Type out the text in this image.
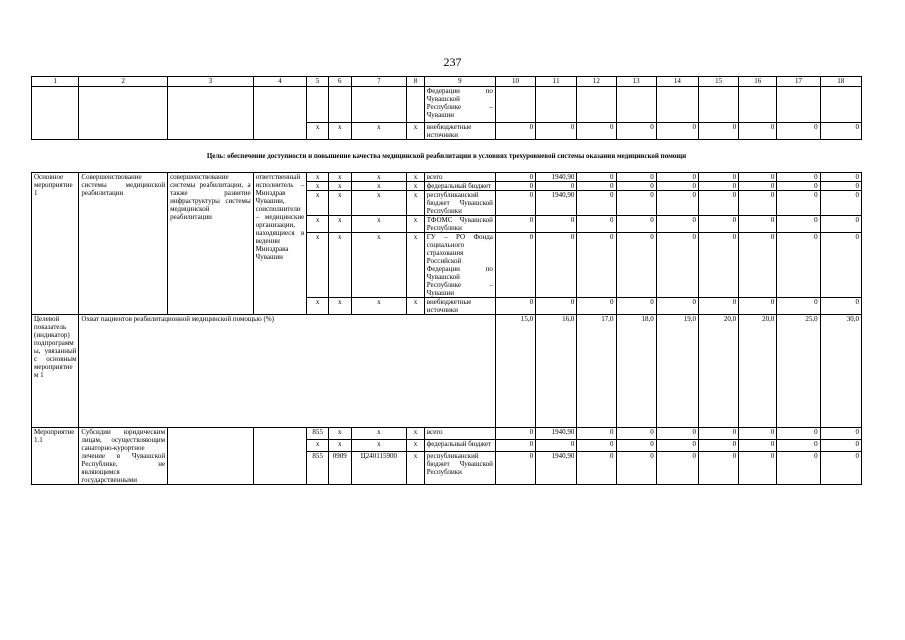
237
1	2	3	4	5	6	7	8	9	10	11	12	13	14	15	16	17	18
								Федерации по Чувашской Республике – Чувашии									
				x	x	x	x	внебюджетные источники	0	0	0	0	0	0	0	0	0

Цель: обеспечение доступности и повышение качества медицинской реабилитации в условиях трехуровневой системы оказания медицинской помощи																	

Основное мероприятие 1	Совершенствование системы медицинской реабилитации	совершенствование системы реабилитации, а также развитие инфраструктуры системы медицинской реабилитации	ответственный исполнитель – Минздрав Чувашии, соисполнители – медицинские организации, находящиеся в ведении Минздрава Чувашии	x	x	x	x	всего	0	1940,90	0	0	0	0	0	0	0
				x	x	x	x	федеральный бюджет	0	0	0	0	0	0	0	0	0
				x	x	x	x	республиканский бюджет Чувашской Республики	0	1940,90	0	0	0	0	0	0	0
				x	x	x	x	ТФОМС Чувашской Республики	0	0	0	0	0	0	0	0	0
				x	x	x	x	ГУ – РО Фонда социального страхования Российской Федерации по Чувашской Республике – Чувашии	0	0	0	0	0	0	0	0	0
				x	x	x	x	внебюджетные источники	0	0	0	0	0	0	0	0	0
Целевой показатель (индикатор) подпрограммы, увязанный с основным мероприятием 1	Охват пациентов реабилитационной медицинской помощью (%)								15,0	16,0	17,0	18,0	19,0	20,0	20,0	25,0	30,0
Мероприятие 1.1	Субсидии юридическим лицам, осуществляющим санаторно-курортное лечение в Чувашской Республике, не являющимся государственными			855	x	x	x	всего	0	1940,90	0	0	0	0	0	0	0
				x	x	x	x	федеральный бюджет	0	0	0	0	0	0	0	0	0
				855	0909	Ц240115900	x	республиканский бюджет Чувашской Республики	0	1940,90	0	0	0	0	0	0	0
